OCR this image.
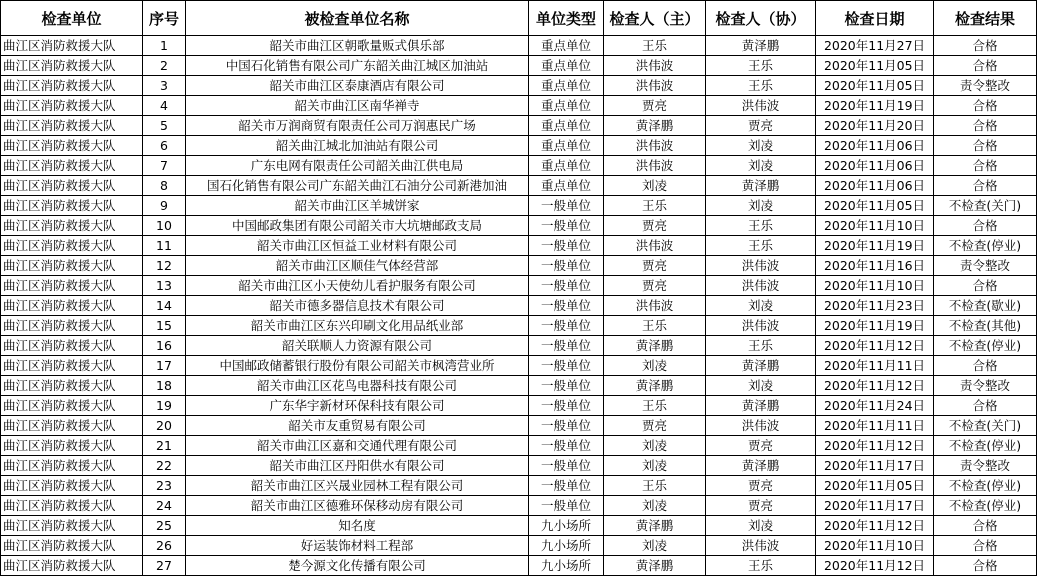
检查单位	序号	被检查单位名称	单位类型	检查人（主）	检查人（协）	检查日期	检查结果
曲江区消防救援大队	1	韶关市曲江区朝歌量贩式俱乐部	重点单位	王乐	黄泽鹏	2020年11月27日	合格
曲江区消防救援大队	2	中国石化销售有限公司广东韶关曲江城区加油站	重点单位	洪伟波	王乐	2020年11月05日	合格
曲江区消防救援大队	3	韶关市曲江区泰康酒店有限公司	重点单位	洪伟波	王乐	2020年11月05日	责令整改
曲江区消防救援大队	4	韶关市曲江区南华禅寺	重点单位	贾亮	洪伟波	2020年11月19日	合格
曲江区消防救援大队	5	韶关市万润商贸有限责任公司万润惠民广场	重点单位	黄泽鹏	贾亮	2020年11月20日	合格
曲江区消防救援大队	6	韶关曲江城北加油站有限公司	重点单位	洪伟波	刘凌	2020年11月06日	合格
曲江区消防救援大队	7	广东电网有限责任公司韶关曲江供电局	重点单位	洪伟波	刘凌	2020年11月06日	合格
曲江区消防救援大队	8	国石化销售有限公司广东韶关曲江石油分公司新港加油	重点单位	刘凌	黄泽鹏	2020年11月06日	合格
曲江区消防救援大队	9	韶关市曲江区羊城饼家	一般单位	王乐	刘凌	2020年11月05日	不检查(关门)
曲江区消防救援大队	10	中国邮政集团有限公司韶关市大坑塘邮政支局	一般单位	贾亮	王乐	2020年11月10日	合格
曲江区消防救援大队	11	韶关市曲江区恒益工业材料有限公司	一般单位	洪伟波	王乐	2020年11月19日	不检查(停业)
曲江区消防救援大队	12	韶关市曲江区顺佳气体经营部	一般单位	贾亮	洪伟波	2020年11月16日	责令整改
曲江区消防救援大队	13	韶关市曲江区小天使幼儿看护服务有限公司	一般单位	贾亮	洪伟波	2020年11月10日	合格
曲江区消防救援大队	14	韶关市德多器信息技术有限公司	一般单位	洪伟波	刘凌	2020年11月23日	不检查(歇业)
曲江区消防救援大队	15	韶关市曲江区东兴印刷文化用品纸业部	一般单位	王乐	洪伟波	2020年11月19日	不检查(其他)
曲江区消防救援大队	16	韶关联顺人力资源有限公司	一般单位	黄泽鹏	王乐	2020年11月12日	不检查(停业)
曲江区消防救援大队	17	中国邮政储蓄银行股份有限公司韶关市枫湾营业所	一般单位	刘凌	黄泽鹏	2020年11月11日	合格
曲江区消防救援大队	18	韶关市曲江区花鸟电器科技有限公司	一般单位	黄泽鹏	刘凌	2020年11月12日	责令整改
曲江区消防救援大队	19	广东华宇新材环保科技有限公司	一般单位	王乐	黄泽鹏	2020年11月24日	合格
曲江区消防救援大队	20	韶关市友重贸易有限公司	一般单位	贾亮	洪伟波	2020年11月11日	不检查(关门)
曲江区消防救援大队	21	韶关市曲江区嘉和交通代理有限公司	一般单位	刘凌	贾亮	2020年11月12日	不检查(停业)
曲江区消防救援大队	22	韶关市曲江区丹阳供水有限公司	一般单位	刘凌	黄泽鹏	2020年11月17日	责令整改
曲江区消防救援大队	23	韶关市曲江区兴晟业园林工程有限公司	一般单位	王乐	贾亮	2020年11月05日	不检查(停业)
曲江区消防救援大队	24	韶关市曲江区德雅环保移动房有限公司	一般单位	刘凌	贾亮	2020年11月17日	不检查(停业)
曲江区消防救援大队	25	知名度	九小场所	黄泽鹏	刘凌	2020年11月12日	合格
曲江区消防救援大队	26	好运装饰材料工程部	九小场所	刘凌	洪伟波	2020年11月10日	合格
曲江区消防救援大队	27	楚今源文化传播有限公司	九小场所	黄泽鹏	王乐	2020年11月12日	合格
